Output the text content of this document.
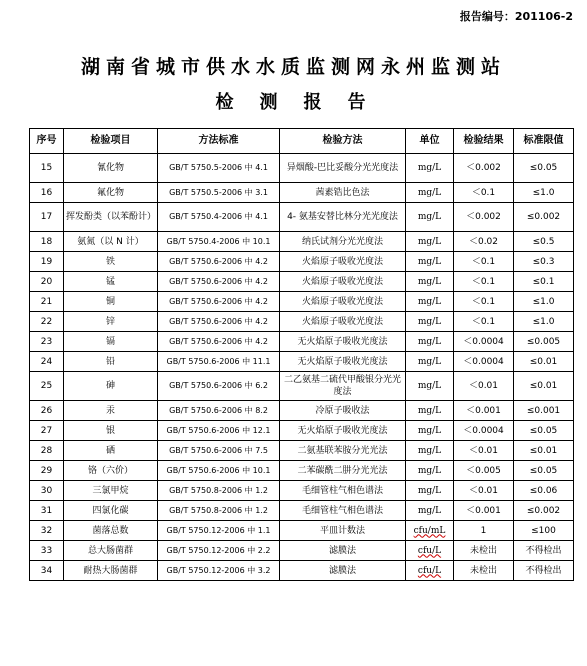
报告编号：201106-2
湖南省城市供水水质监测网永州监测站
检测报告
序号	检验项目	方法标准	检验方法	单位	检验结果	标准限值
15	氰化物	GB/T 5750.5-2006 中 4.1	异烟酸-巴比妥酸分光光度法	mg/L	＜0.002	≤0.05
16	氟化物	GB/T 5750.5-2006 中 3.1	茜素锆比色法	mg/L	＜0.1	≤1.0
17	挥发酚类（以苯酚计）	GB/T 5750.4-2006 中 4.1	4- 氨基安替比林分光光度法	mg/L	＜0.002	≤0.002
18	氨氮（以 N 计）	GB/T 5750.4-2006 中 10.1	纳氏试剂分光光度法	mg/L	＜0.02	≤0.5
19	铁	GB/T 5750.6-2006 中 4.2	火焰原子吸收光度法	mg/L	＜0.1	≤0.3
20	锰	GB/T 5750.6-2006 中 4.2	火焰原子吸收光度法	mg/L	＜0.1	≤0.1
21	铜	GB/T 5750.6-2006 中 4.2	火焰原子吸收光度法	mg/L	＜0.1	≤1.0
22	锌	GB/T 5750.6-2006 中 4.2	火焰原子吸收光度法	mg/L	＜0.1	≤1.0
23	镉	GB/T 5750.6-2006 中 4.2	无火焰原子吸收光度法	mg/L	＜0.0004	≤0.005
24	铅	GB/T 5750.6-2006 中 11.1	无火焰原子吸收光度法	mg/L	＜0.0004	≤0.01
25	砷	GB/T 5750.6-2006 中 6.2	二乙氨基二硫代甲酸银分光光度法	mg/L	＜0.01	≤0.01
26	汞	GB/T 5750.6-2006 中 8.2	冷原子吸收法	mg/L	＜0.001	≤0.001
27	银	GB/T 5750.6-2006 中 12.1	无火焰原子吸收光度法	mg/L	＜0.0004	≤0.05
28	硒	GB/T 5750.6-2006 中 7.5	二氨基联苯胺分光光法	mg/L	＜0.01	≤0.01
29	铬（六价）	GB/T 5750.6-2006 中 10.1	二苯碳酰二肼分光光法	mg/L	＜0.005	≤0.05
30	三氯甲烷	GB/T 5750.8-2006 中 1.2	毛细管柱气相色谱法	mg/L	＜0.01	≤0.06
31	四氯化碳	GB/T 5750.8-2006 中 1.2	毛细管柱气相色谱法	mg/L	＜0.001	≤0.002
32	菌落总数	GB/T 5750.12-2006 中 1.1	平皿计数法	cfu/mL	1	≤100
33	总大肠菌群	GB/T 5750.12-2006 中 2.2	滤膜法	cfu/L	未检出	不得检出
34	耐热大肠菌群	GB/T 5750.12-2006 中 3.2	滤膜法	cfu/L	未检出	不得检出
